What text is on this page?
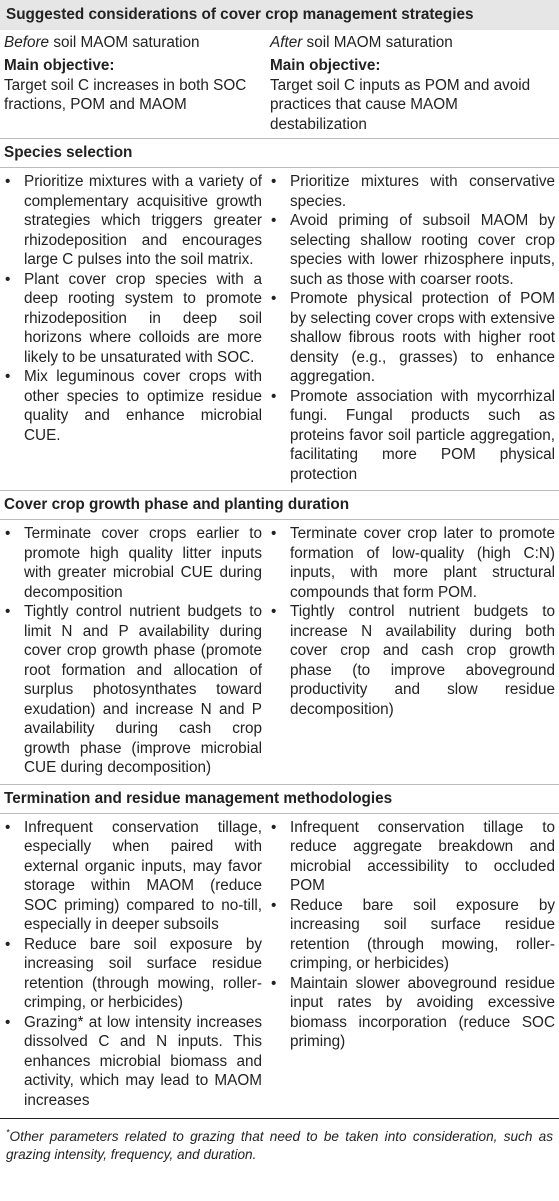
Suggested considerations of cover crop management strategies
Before soil MAOM saturation	After soil MAOM saturation
Main objective:
Target soil C increases in both SOC fractions, POM and MAOM
Main objective:
Target soil C inputs as POM and avoid practices that cause MAOM destabilization
Species selection
• Prioritize mixtures with a variety of complementary acquisitive growth strategies which triggers greater rhizodeposition and encourages large C pulses into the soil matrix.
• Plant cover crop species with a deep rooting system to promote rhizodeposition in deep soil horizons where colloids are more likely to be unsaturated with SOC.
• Mix leguminous cover crops with other species to optimize residue quality and enhance microbial CUE.
• Prioritize mixtures with conservative species.
• Avoid priming of subsoil MAOM by selecting shallow rooting cover crop species with lower rhizosphere inputs, such as those with coarser roots.
• Promote physical protection of POM by selecting cover crops with extensive shallow fibrous roots with higher root density (e.g., grasses) to enhance aggregation.
• Promote association with mycorrhizal fungi. Fungal products such as proteins favor soil particle aggregation, facilitating more POM physical protection
Cover crop growth phase and planting duration
• Terminate cover crops earlier to promote high quality litter inputs with greater microbial CUE during decomposition
• Tightly control nutrient budgets to limit N and P availability during cover crop growth phase (promote root formation and allocation of surplus photosynthates toward exudation) and increase N and P availability during cash crop growth phase (improve microbial CUE during decomposition)
• Terminate cover crop later to promote formation of low-quality (high C:N) inputs, with more plant structural compounds that form POM.
• Tightly control nutrient budgets to increase N availability during both cover crop and cash crop growth phase (to improve aboveground productivity and slow residue decomposition)
Termination and residue management methodologies
• Infrequent conservation tillage, especially when paired with external organic inputs, may favor storage within MAOM (reduce SOC priming) compared to no-till, especially in deeper subsoils
• Reduce bare soil exposure by increasing soil surface residue retention (through mowing, roller-crimping, or herbicides)
• Grazing* at low intensity increases dissolved C and N inputs. This enhances microbial biomass and activity, which may lead to MAOM increases
• Infrequent conservation tillage to reduce aggregate breakdown and microbial accessibility to occluded POM
• Reduce bare soil exposure by increasing soil surface residue retention (through mowing, roller-crimping, or herbicides)
• Maintain slower aboveground residue input rates by avoiding excessive biomass incorporation (reduce SOC priming)
*Other parameters related to grazing that need to be taken into consideration, such as grazing intensity, frequency, and duration.
